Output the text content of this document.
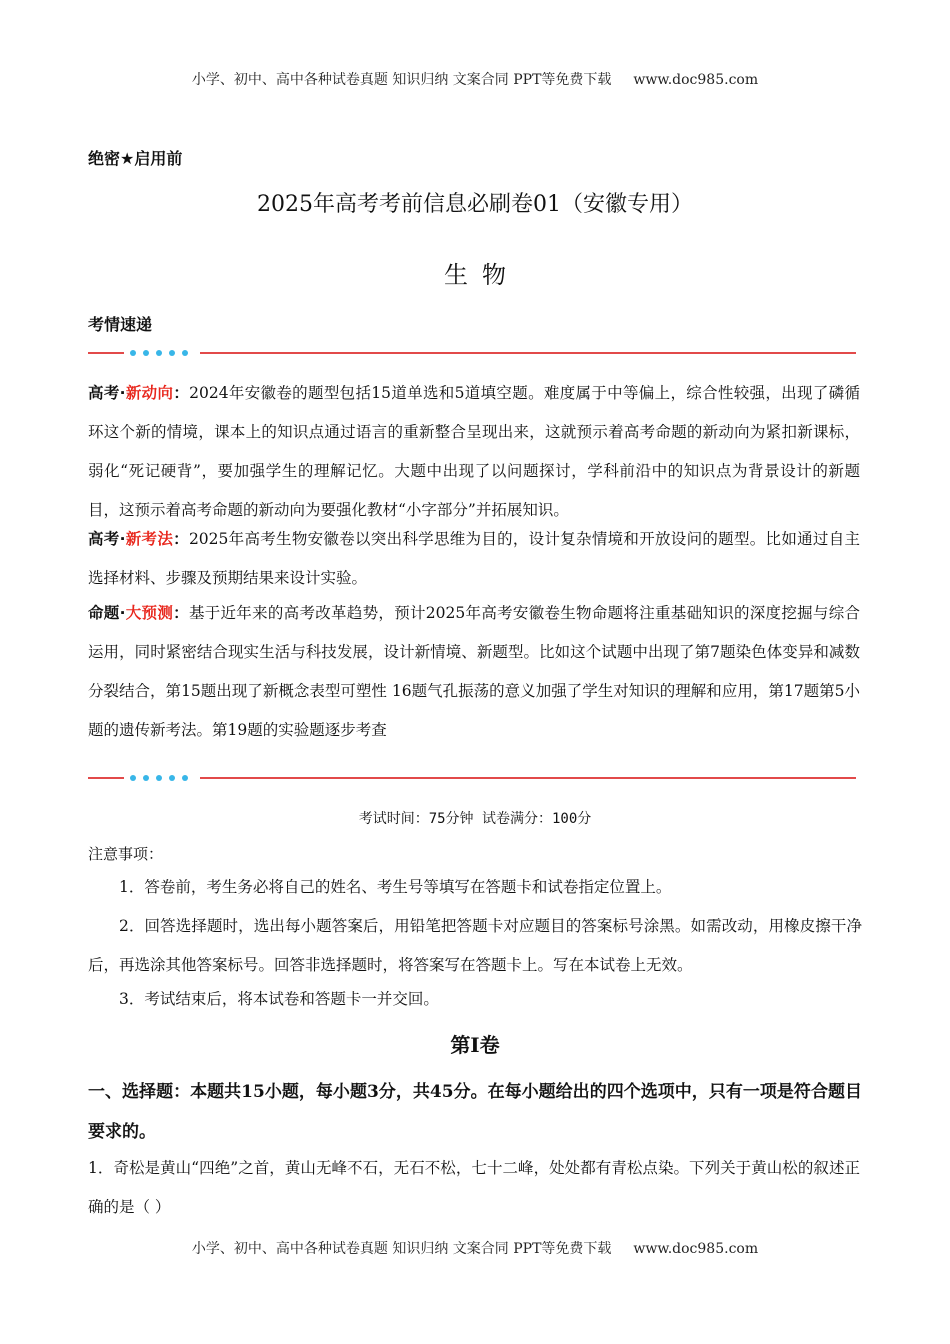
小学、初中、高中各种试卷真题 知识归纳 文案合同 PPT等免费下载 www.doc985.com
绝密★启用前
2025年高考考前信息必刷卷01（安徽专用）
生物
考情速递
高考·新动向：2024年安徽卷的题型包括15道单选和5道填空题。难度属于中等偏上，综合性较强，出现了磷循环这个新的情境，课本上的知识点通过语言的重新整合呈现出来，这就预示着高考命题的新动向为紧扣新课标，弱化“死记硬背”，要加强学生的理解记忆。大题中出现了以问题探讨，学科前沿中的知识点为背景设计的新题目，这预示着高考命题的新动向为要强化教材“小字部分”并拓展知识。
高考·新考法：2025年高考生物安徽卷以突出科学思维为目的，设计复杂情境和开放设问的题型。比如通过自主选择材料、步骤及预期结果来设计实验。
命题·大预测：基于近年来的高考改革趋势，预计2025年高考安徽卷生物命题将注重基础知识的深度挖掘与综合运用，同时紧密结合现实生活与科技发展，设计新情境、新题型。比如这个试题中出现了第7题染色体变异和减数分裂结合，第15题出现了新概念表型可塑性 16题气孔振荡的意义加强了学生对知识的理解和应用，第17题第5小题的遗传新考法。第19题的实验题逐步考查
考试时间：75分钟 试卷满分：100分
注意事项：
1．答卷前，考生务必将自己的姓名、考生号等填写在答题卡和试卷指定位置上。
2．回答选择题时，选出每小题答案后，用铅笔把答题卡对应题目的答案标号涂黑。如需改动，用橡皮擦干净后，再选涂其他答案标号。回答非选择题时，将答案写在答题卡上。写在本试卷上无效。
3．考试结束后，将本试卷和答题卡一并交回。
第Ⅰ卷
一、选择题：本题共15小题，每小题3分，共45分。在每小题给出的四个选项中，只有一项是符合题目要求的。
1．奇松是黄山“四绝”之首，黄山无峰不石，无石不松，七十二峰，处处都有青松点染。下列关于黄山松的叙述正确的是（ ）
小学、初中、高中各种试卷真题 知识归纳 文案合同 PPT等免费下载 www.doc985.com
